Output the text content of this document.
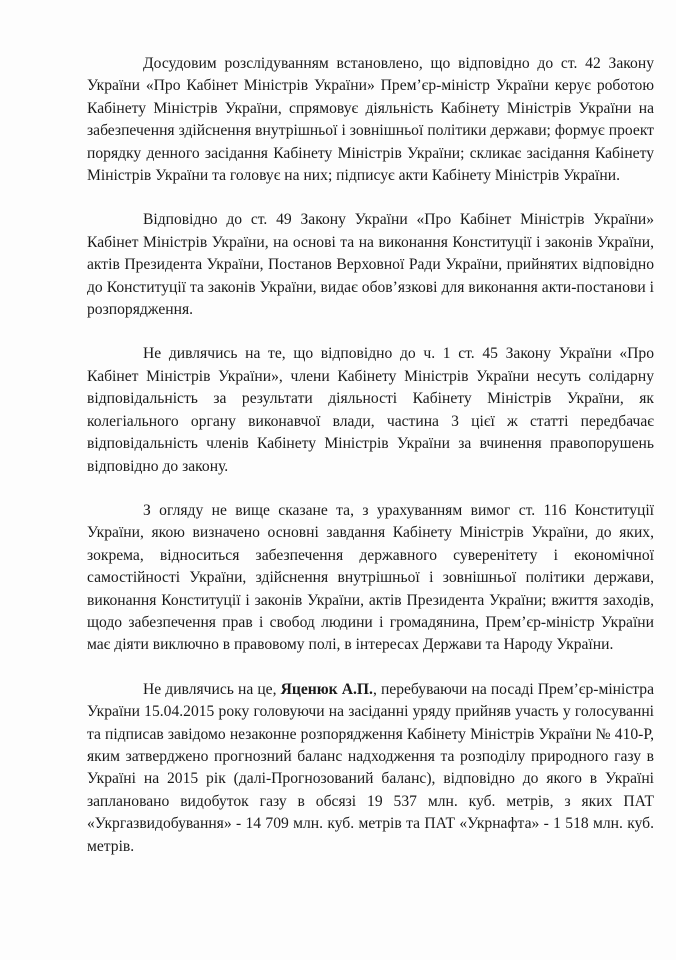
Досудовим розслідуванням встановлено, що відповідно до ст. 42 Закону України «Про Кабінет Міністрів України» Прем’єр-міністр України керує роботою Кабінету Міністрів України, спрямовує діяльність Кабінету Міністрів України на забезпечення здійснення внутрішньої і зовнішньої політики держави; формує проект порядку денного засідання Кабінету Міністрів України; скликає засідання Кабінету Міністрів України та головує на них; підписує акти Кабінету Міністрів України.

Відповідно до ст. 49 Закону України «Про Кабінет Міністрів України» Кабінет Міністрів України, на основі та на виконання Конституції і законів України, актів Президента України, Постанов Верховної Ради України, прийнятих відповідно до Конституції та законів України, видає обов’язкові для виконання акти-постанови і розпорядження.

Не дивлячись на те, що відповідно до ч. 1 ст. 45 Закону України «Про Кабінет Міністрів України», члени Кабінету Міністрів України несуть солідарну відповідальність за результати діяльності Кабінету Міністрів України, як колегіального органу виконавчої влади, частина 3 цієї ж статті передбачає відповідальність членів Кабінету Міністрів України за вчинення правопорушень відповідно до закону.

З огляду не вище сказане та, з урахуванням вимог ст. 116 Конституції України, якою визначено основні завдання Кабінету Міністрів України, до яких, зокрема, відноситься забезпечення державного суверенітету і економічної самостійності України, здійснення внутрішньої і зовнішньої політики держави, виконання Конституції і законів України, актів Президента України; вжиття заходів, щодо забезпечення прав і свобод людини і громадянина, Прем’єр-міністр України має діяти виключно в правовому полі, в інтересах Держави та Народу України.

Не дивлячись на це, Яценюк А.П., перебуваючи на посаді Прем’єр-міністра України 15.04.2015 року головуючи на засіданні уряду прийняв участь у голосуванні та підписав завідомо незаконне розпорядження Кабінету Міністрів України № 410-Р, яким затверджено прогнозний баланс надходження та розподілу природного газу в Україні на 2015 рік (далі-Прогнозований баланс), відповідно до якого в Україні заплановано видобуток газу в обсязі 19 537 млн. куб. метрів, з яких ПАТ «Укргазвидобування» - 14 709 млн. куб. метрів та ПАТ «Укрнафта» - 1 518 млн. куб. метрів.
